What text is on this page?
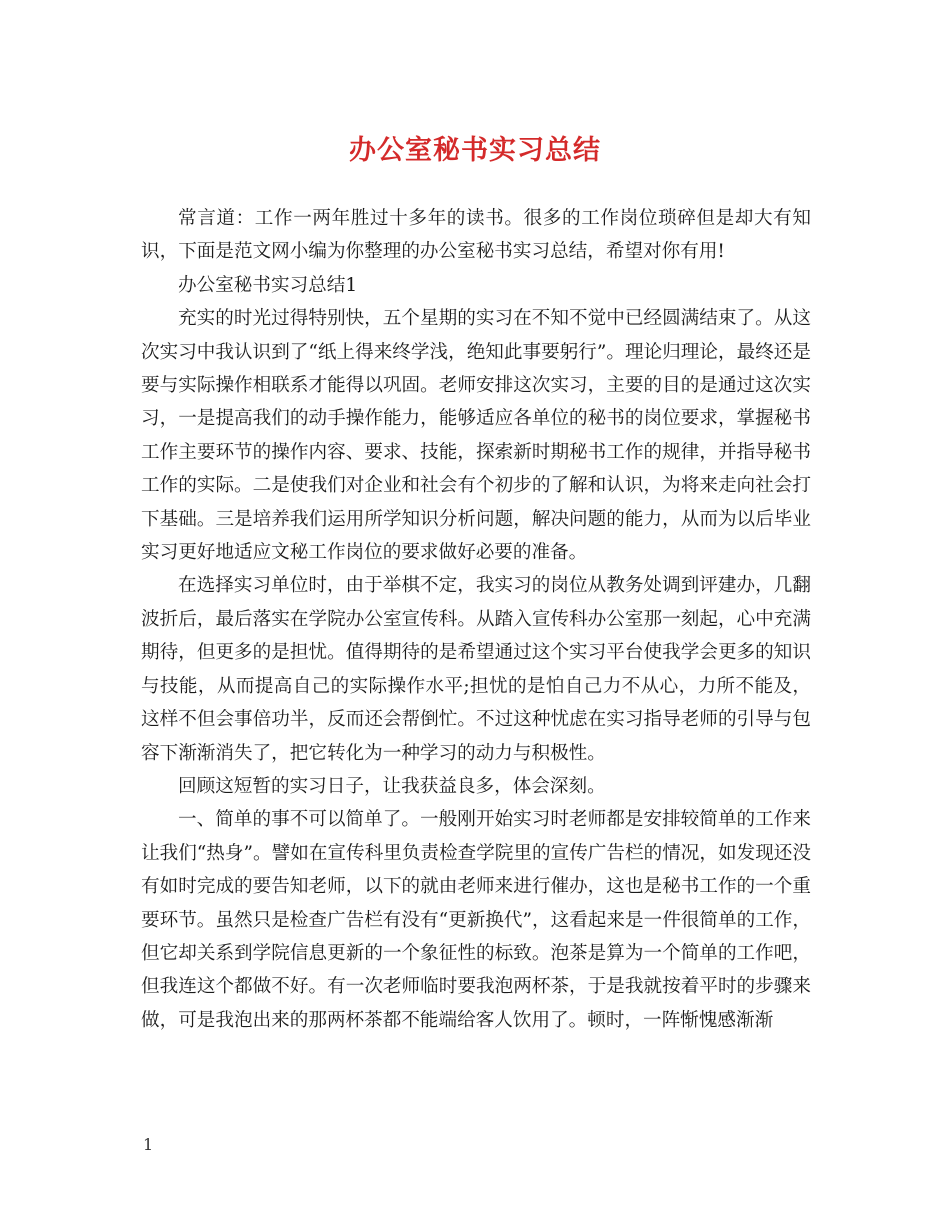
办公室秘书实习总结

常言道：工作一两年胜过十多年的读书。很多的工作岗位琐碎但是却大有知识，下面是范文网小编为你整理的办公室秘书实习总结，希望对你有用!

办公室秘书实习总结1

充实的时光过得特别快，五个星期的实习在不知不觉中已经圆满结束了。从这次实习中我认识到了“纸上得来终学浅，绝知此事要躬行”。理论归理论，最终还是要与实际操作相联系才能得以巩固。老师安排这次实习，主要的目的是通过这次实习，一是提高我们的动手操作能力，能够适应各单位的秘书的岗位要求，掌握秘书工作主要环节的操作内容、要求、技能，探索新时期秘书工作的规律，并指导秘书工作的实际。二是使我们对企业和社会有个初步的了解和认识，为将来走向社会打下基础。三是培养我们运用所学知识分析问题，解决问题的能力，从而为以后毕业实习更好地适应文秘工作岗位的要求做好必要的准备。

在选择实习单位时，由于举棋不定，我实习的岗位从教务处调到评建办，几翻波折后，最后落实在学院办公室宣传科。从踏入宣传科办公室那一刻起，心中充满期待，但更多的是担忧。值得期待的是希望通过这个实习平台使我学会更多的知识与技能，从而提高自己的实际操作水平;担忧的是怕自己力不从心，力所不能及，这样不但会事倍功半，反而还会帮倒忙。不过这种忧虑在实习指导老师的引导与包容下渐渐消失了，把它转化为一种学习的动力与积极性。

回顾这短暂的实习日子，让我获益良多，体会深刻。

一、简单的事不可以简单了。一般刚开始实习时老师都是安排较简单的工作来让我们“热身”。譬如在宣传科里负责检查学院里的宣传广告栏的情况，如发现还没有如时完成的要告知老师，以下的就由老师来进行催办，这也是秘书工作的一个重要环节。虽然只是检查广告栏有没有“更新换代”，这看起来是一件很简单的工作，但它却关系到学院信息更新的一个象征性的标致。泡茶是算为一个简单的工作吧，但我连这个都做不好。有一次老师临时要我泡两杯茶，于是我就按着平时的步骤来做，可是我泡出来的那两杯茶都不能端给客人饮用了。顿时，一阵惭愧感渐渐

1
